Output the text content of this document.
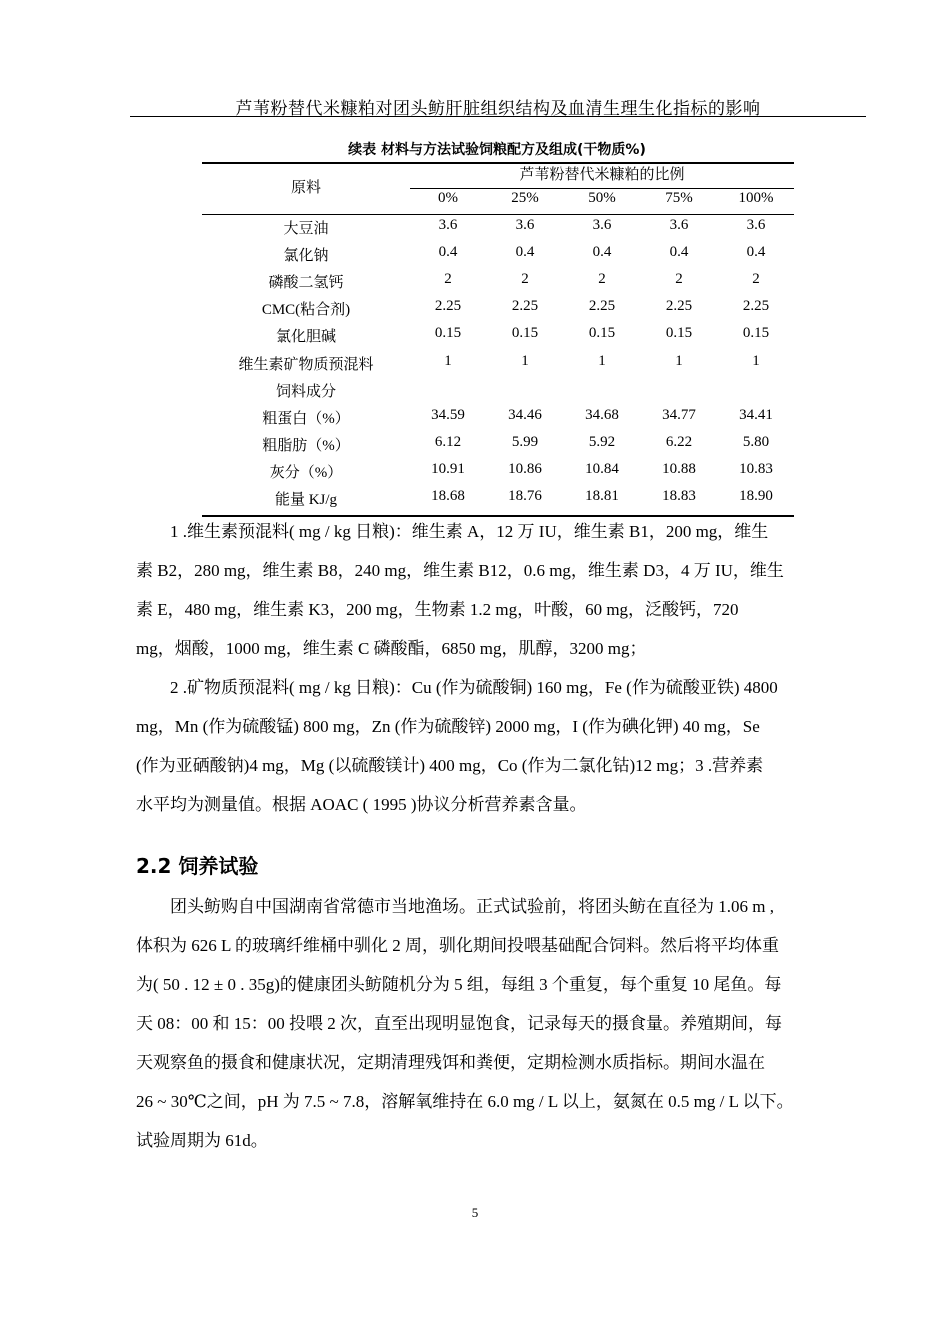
芦苇粉替代米糠粕对团头鲂肝脏组织结构及血清生理生化指标的影响
续表 材料与方法试验饲粮配方及组成(干物质%)
原料
芦苇粉替代米糠粕的比例
0%	25%	50%	75%	100%
大豆油	3.6	3.6	3.6	3.6	3.6
氯化钠	0.4	0.4	0.4	0.4	0.4
磷酸二氢钙	2	2	2	2	2
CMC(粘合剂)	2.25	2.25	2.25	2.25	2.25
氯化胆碱	0.15	0.15	0.15	0.15	0.15
维生素矿物质预混料	1	1	1	1	1
饲料成分
粗蛋白（%）	34.59	34.46	34.68	34.77	34.41
粗脂肪（%）	6.12	5.99	5.92	6.22	5.80
灰分（%）	10.91	10.86	10.84	10.88	10.83
能量 KJ/g	18.68	18.76	18.81	18.83	18.90
1 .维生素预混料( mg / kg 日粮)：维生素 A，12 万 IU，维生素 B1，200 mg，维生
素 B2，280 mg，维生素 B8，240 mg，维生素 B12，0.6 mg，维生素 D3，4 万 IU，维生
素 E，480 mg，维生素 K3，200 mg，生物素 1.2 mg，叶酸，60 mg，泛酸钙，720
mg，烟酸，1000 mg，维生素 C 磷酸酯，6850 mg，肌醇，3200 mg；
2 .矿物质预混料( mg / kg 日粮)：Cu (作为硫酸铜) 160 mg，Fe (作为硫酸亚铁) 4800
mg，Mn (作为硫酸锰) 800 mg，Zn (作为硫酸锌) 2000 mg，I (作为碘化钾) 40 mg，Se
(作为亚硒酸钠)4 mg，Mg (以硫酸镁计) 400 mg，Co (作为二氯化钴)12 mg；3 .营养素
水平均为测量值。根据 AOAC ( 1995 )协议分析营养素含量。
2.2 饲养试验
团头鲂购自中国湖南省常德市当地渔场。正式试验前，将团头鲂在直径为 1.06 m ,
体积为 626 L 的玻璃纤维桶中驯化 2 周，驯化期间投喂基础配合饲料。然后将平均体重
为( 50 . 12 ± 0 . 35g)的健康团头鲂随机分为 5 组，每组 3 个重复，每个重复 10 尾鱼。每
天 08：00 和 15：00 投喂 2 次，直至出现明显饱食，记录每天的摄食量。养殖期间，每
天观察鱼的摄食和健康状况，定期清理残饵和粪便，定期检测水质指标。期间水温在
26 ~ 30℃之间，pH 为 7.5 ~ 7.8，溶解氧维持在 6.0 mg / L 以上，氨氮在 0.5 mg / L 以下。
试验周期为 61d。
5
